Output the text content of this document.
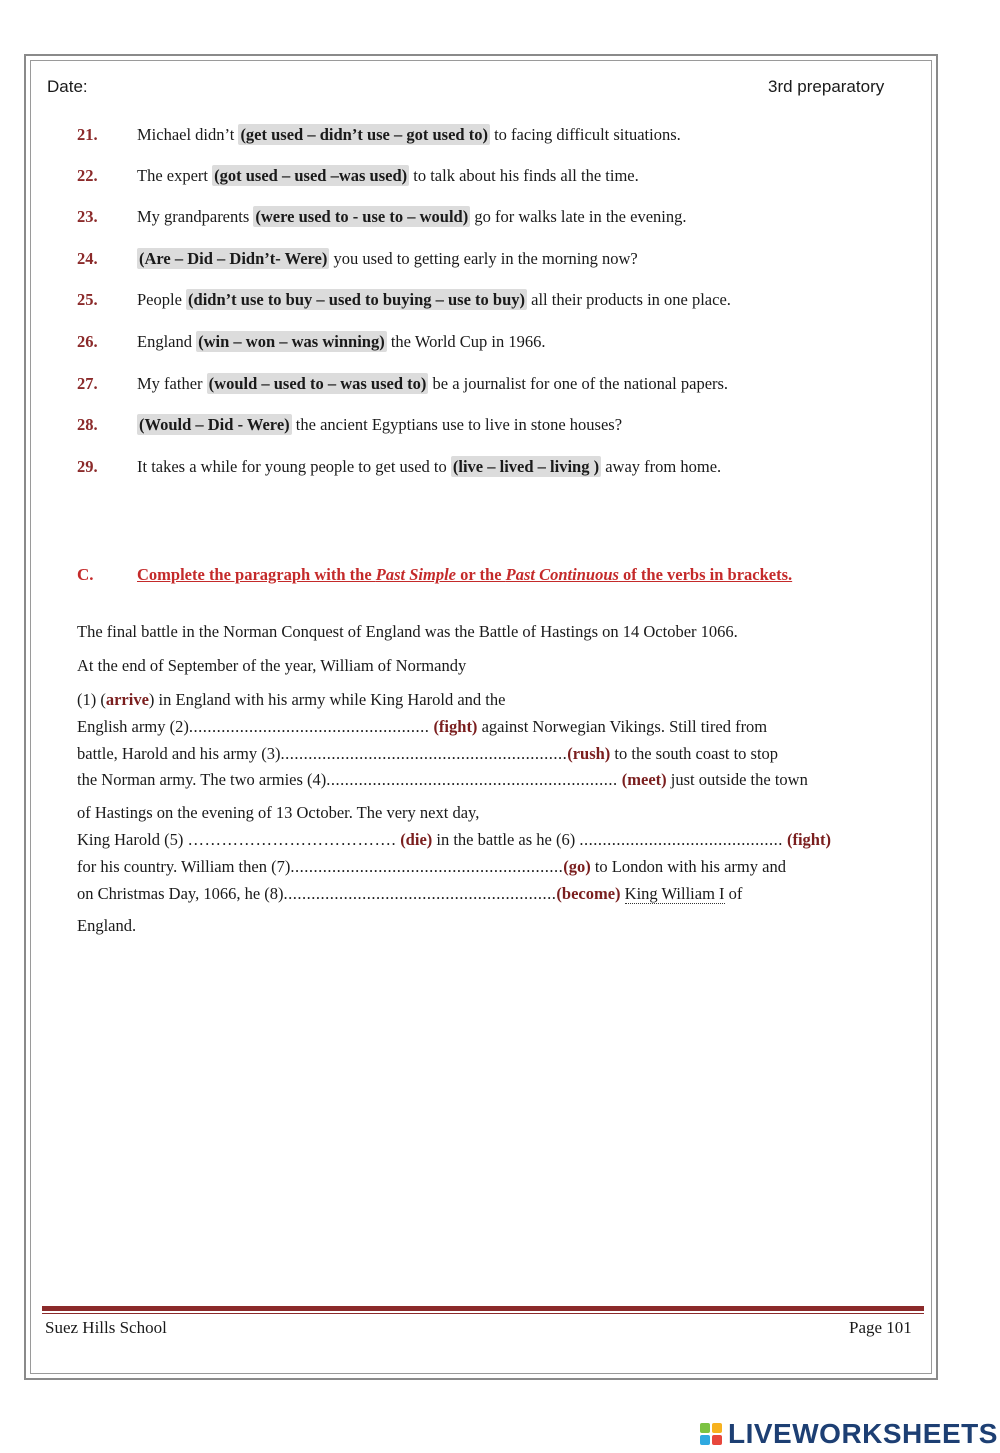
Date:	3rd preparatory
21. Michael didn’t (get used – didn’t use – got used to) to facing difficult situations.
22. The expert (got used – used –was used) to talk about his finds all the time.
23. My grandparents (were used to - use to – would) go for walks late in the evening.
24.	(Are – Did – Didn’t- Were) you used to getting early in the morning now?
25. People (didn’t use to buy – used to buying – use to buy) all their products in one place.
26. England (win – won – was winning) the World Cup in 1966.
27. My father (would – used to – was used to) be a journalist for one of the national papers.
28.	(Would – Did - Were) the ancient Egyptians use to live in stone houses?
29. It takes a while for young people to get used to (live – lived – living ) away from home.
C.	Complete the paragraph with the Past Simple or the Past Continuous of the verbs in brackets.
The final battle in the Norman Conquest of England was the Battle of Hastings on 14 October 1066.
At the end of September of the year, William of Normandy
(1) (arrive) in England with his army while King Harold and the
English army (2).................................................... (fight) against Norwegian Vikings. Still tired from
battle, Harold and his army (3)..............................................................(rush) to the south coast to stop
the Norman army. The two armies (4)............................................................... (meet) just outside the town
of Hastings on the evening of 13 October. The very next day,
King Harold (5) ………………………………. (die) in the battle as he (6) ............................................ (fight)
for his country. William then (7)...........................................................(go) to London with his army and
on Christmas Day, 1066, he (8)...........................................................(become) King William I of
England.
Suez Hills School	Page 101
LIVEWORKSHEETS
